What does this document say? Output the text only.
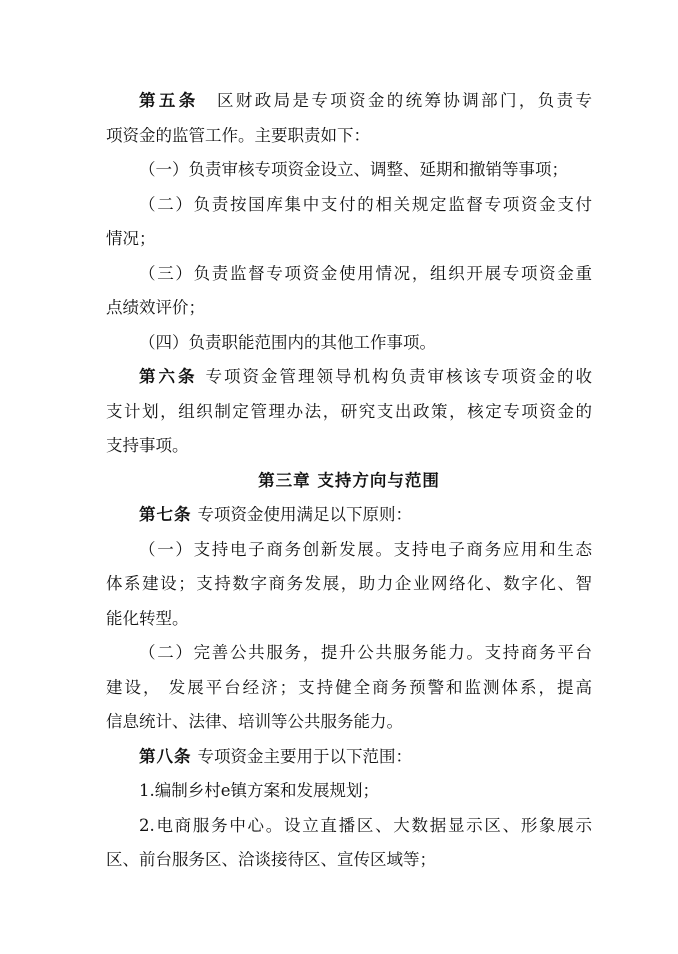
第五条 区财政局是专项资金的统筹协调部门，负责专
项资金的监管工作。主要职责如下：
（一）负责审核专项资金设立、调整、延期和撤销等事项；
（二）负责按国库集中支付的相关规定监督专项资金支付
情况；
（三）负责监督专项资金使用情况，组织开展专项资金重
点绩效评价；
（四）负责职能范围内的其他工作事项。
第六条 专项资金管理领导机构负责审核该专项资金的收
支计划，组织制定管理办法，研究支出政策，核定专项资金的
支持事项。
第三章 支持方向与范围
第七条 专项资金使用满足以下原则：
（一）支持电子商务创新发展。支持电子商务应用和生态
体系建设；支持数字商务发展，助力企业网络化、数字化、智
能化转型。
（二）完善公共服务，提升公共服务能力。支持商务平台
建设， 发展平台经济；支持健全商务预警和监测体系，提高
信息统计、法律、培训等公共服务能力。
第八条 专项资金主要用于以下范围：
1.编制乡村e镇方案和发展规划；
2.电商服务中心。设立直播区、大数据显示区、形象展示
区、前台服务区、洽谈接待区、宣传区域等；
